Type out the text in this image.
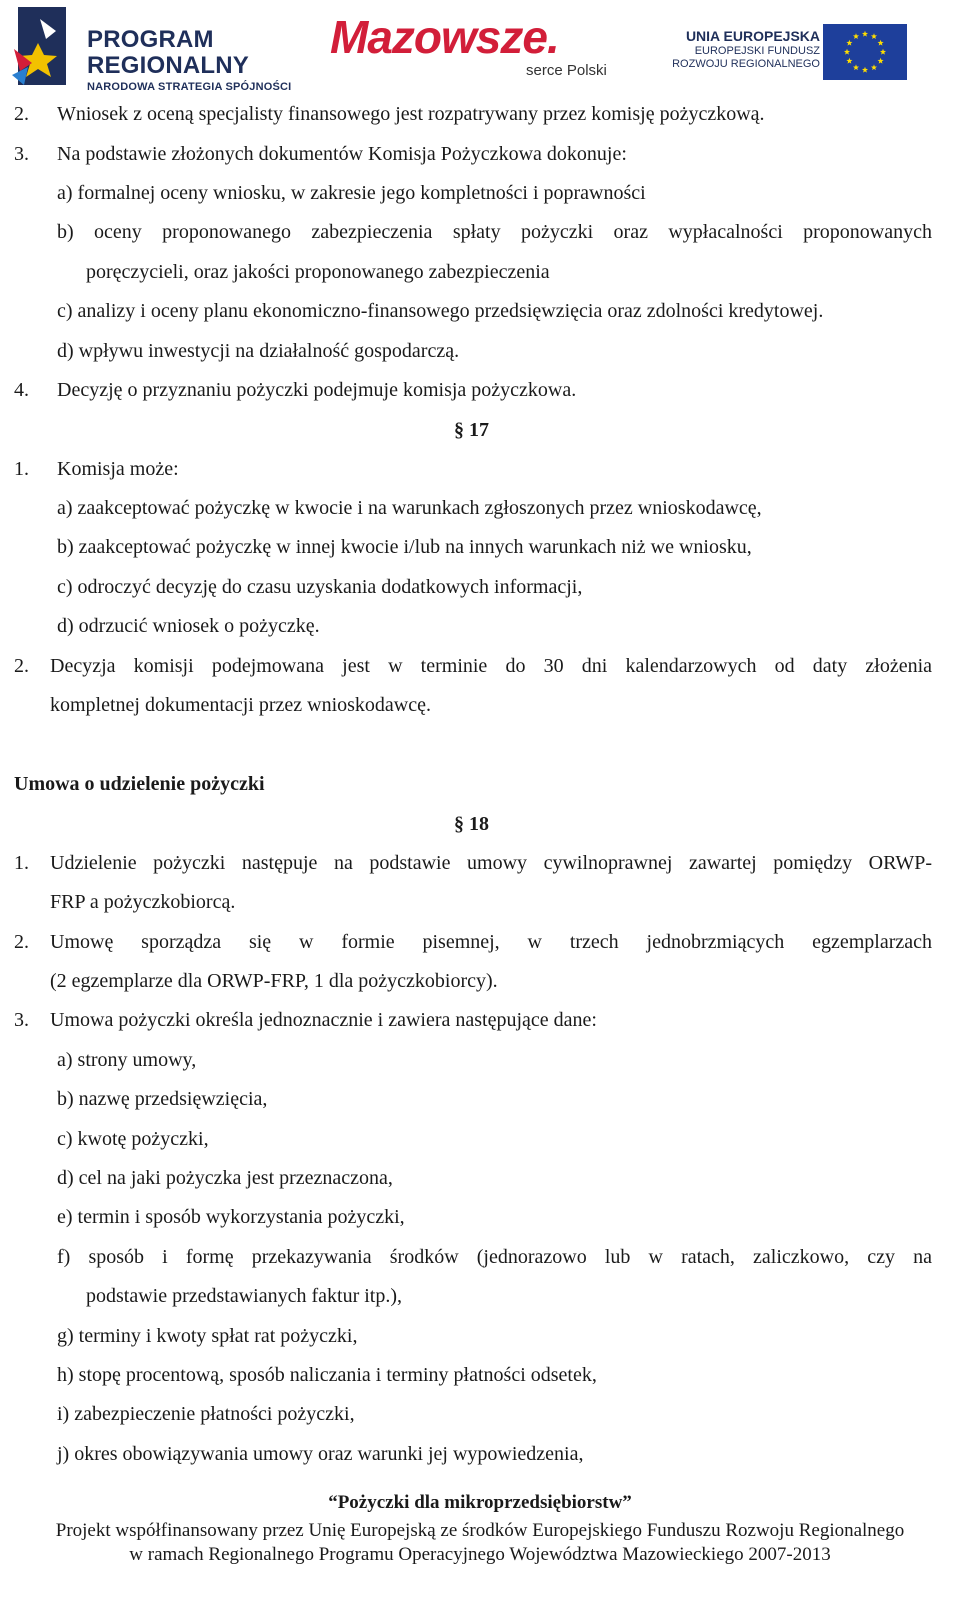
PROGRAM
REGIONALNY
NARODOWA STRATEGIA SPÓJNOŚCI
Mazowsze.
serce Polski
UNIA EUROPEJSKA
EUROPEJSKI FUNDUSZ
ROZWOJU REGIONALNEGO
2. Wniosek z oceną specjalisty finansowego jest rozpatrywany przez komisję pożyczkową.
3. Na podstawie złożonych dokumentów Komisja Pożyczkowa dokonuje:
a) formalnej oceny wniosku, w zakresie jego kompletności i poprawności
b) oceny proponowanego zabezpieczenia spłaty pożyczki oraz wypłacalności proponowanych
poręczycieli, oraz jakości proponowanego zabezpieczenia
c) analizy i oceny planu ekonomiczno-finansowego przedsięwzięcia oraz zdolności kredytowej.
d) wpływu inwestycji na działalność gospodarczą.
4. Decyzję o przyznaniu pożyczki podejmuje komisja pożyczkowa.
§ 17
1. Komisja może:
a) zaakceptować pożyczkę w kwocie i na warunkach zgłoszonych przez wnioskodawcę,
b) zaakceptować pożyczkę w innej kwocie i/lub na innych warunkach niż we wniosku,
c) odroczyć decyzję do czasu uzyskania dodatkowych informacji,
d) odrzucić wniosek o pożyczkę.
2. Decyzja komisji podejmowana jest w terminie do 30 dni kalendarzowych od daty złożenia
kompletnej dokumentacji przez wnioskodawcę.
Umowa o udzielenie pożyczki
§ 18
1. Udzielenie pożyczki następuje na podstawie umowy cywilnoprawnej zawartej pomiędzy ORWP-
FRP a pożyczkobiorcą.
2. Umowę sporządza się w formie pisemnej, w trzech jednobrzmiących egzemplarzach
(2 egzemplarze dla ORWP-FRP, 1 dla pożyczkobiorcy).
3. Umowa pożyczki określa jednoznacznie i zawiera następujące dane:
a) strony umowy,
b) nazwę przedsięwzięcia,
c) kwotę pożyczki,
d) cel na jaki pożyczka jest przeznaczona,
e) termin i sposób wykorzystania pożyczki,
f) sposób i formę przekazywania środków (jednorazowo lub w ratach, zaliczkowo, czy na
podstawie przedstawianych faktur itp.),
g) terminy i kwoty spłat rat pożyczki,
h) stopę procentową, sposób naliczania i terminy płatności odsetek,
i) zabezpieczenie płatności pożyczki,
j) okres obowiązywania umowy oraz warunki jej wypowiedzenia,
“Pożyczki dla mikroprzedsiębiorstw”
Projekt współfinansowany przez Unię Europejską ze środków Europejskiego Funduszu Rozwoju Regionalnego
w ramach Regionalnego Programu Operacyjnego Województwa Mazowieckiego 2007-2013
